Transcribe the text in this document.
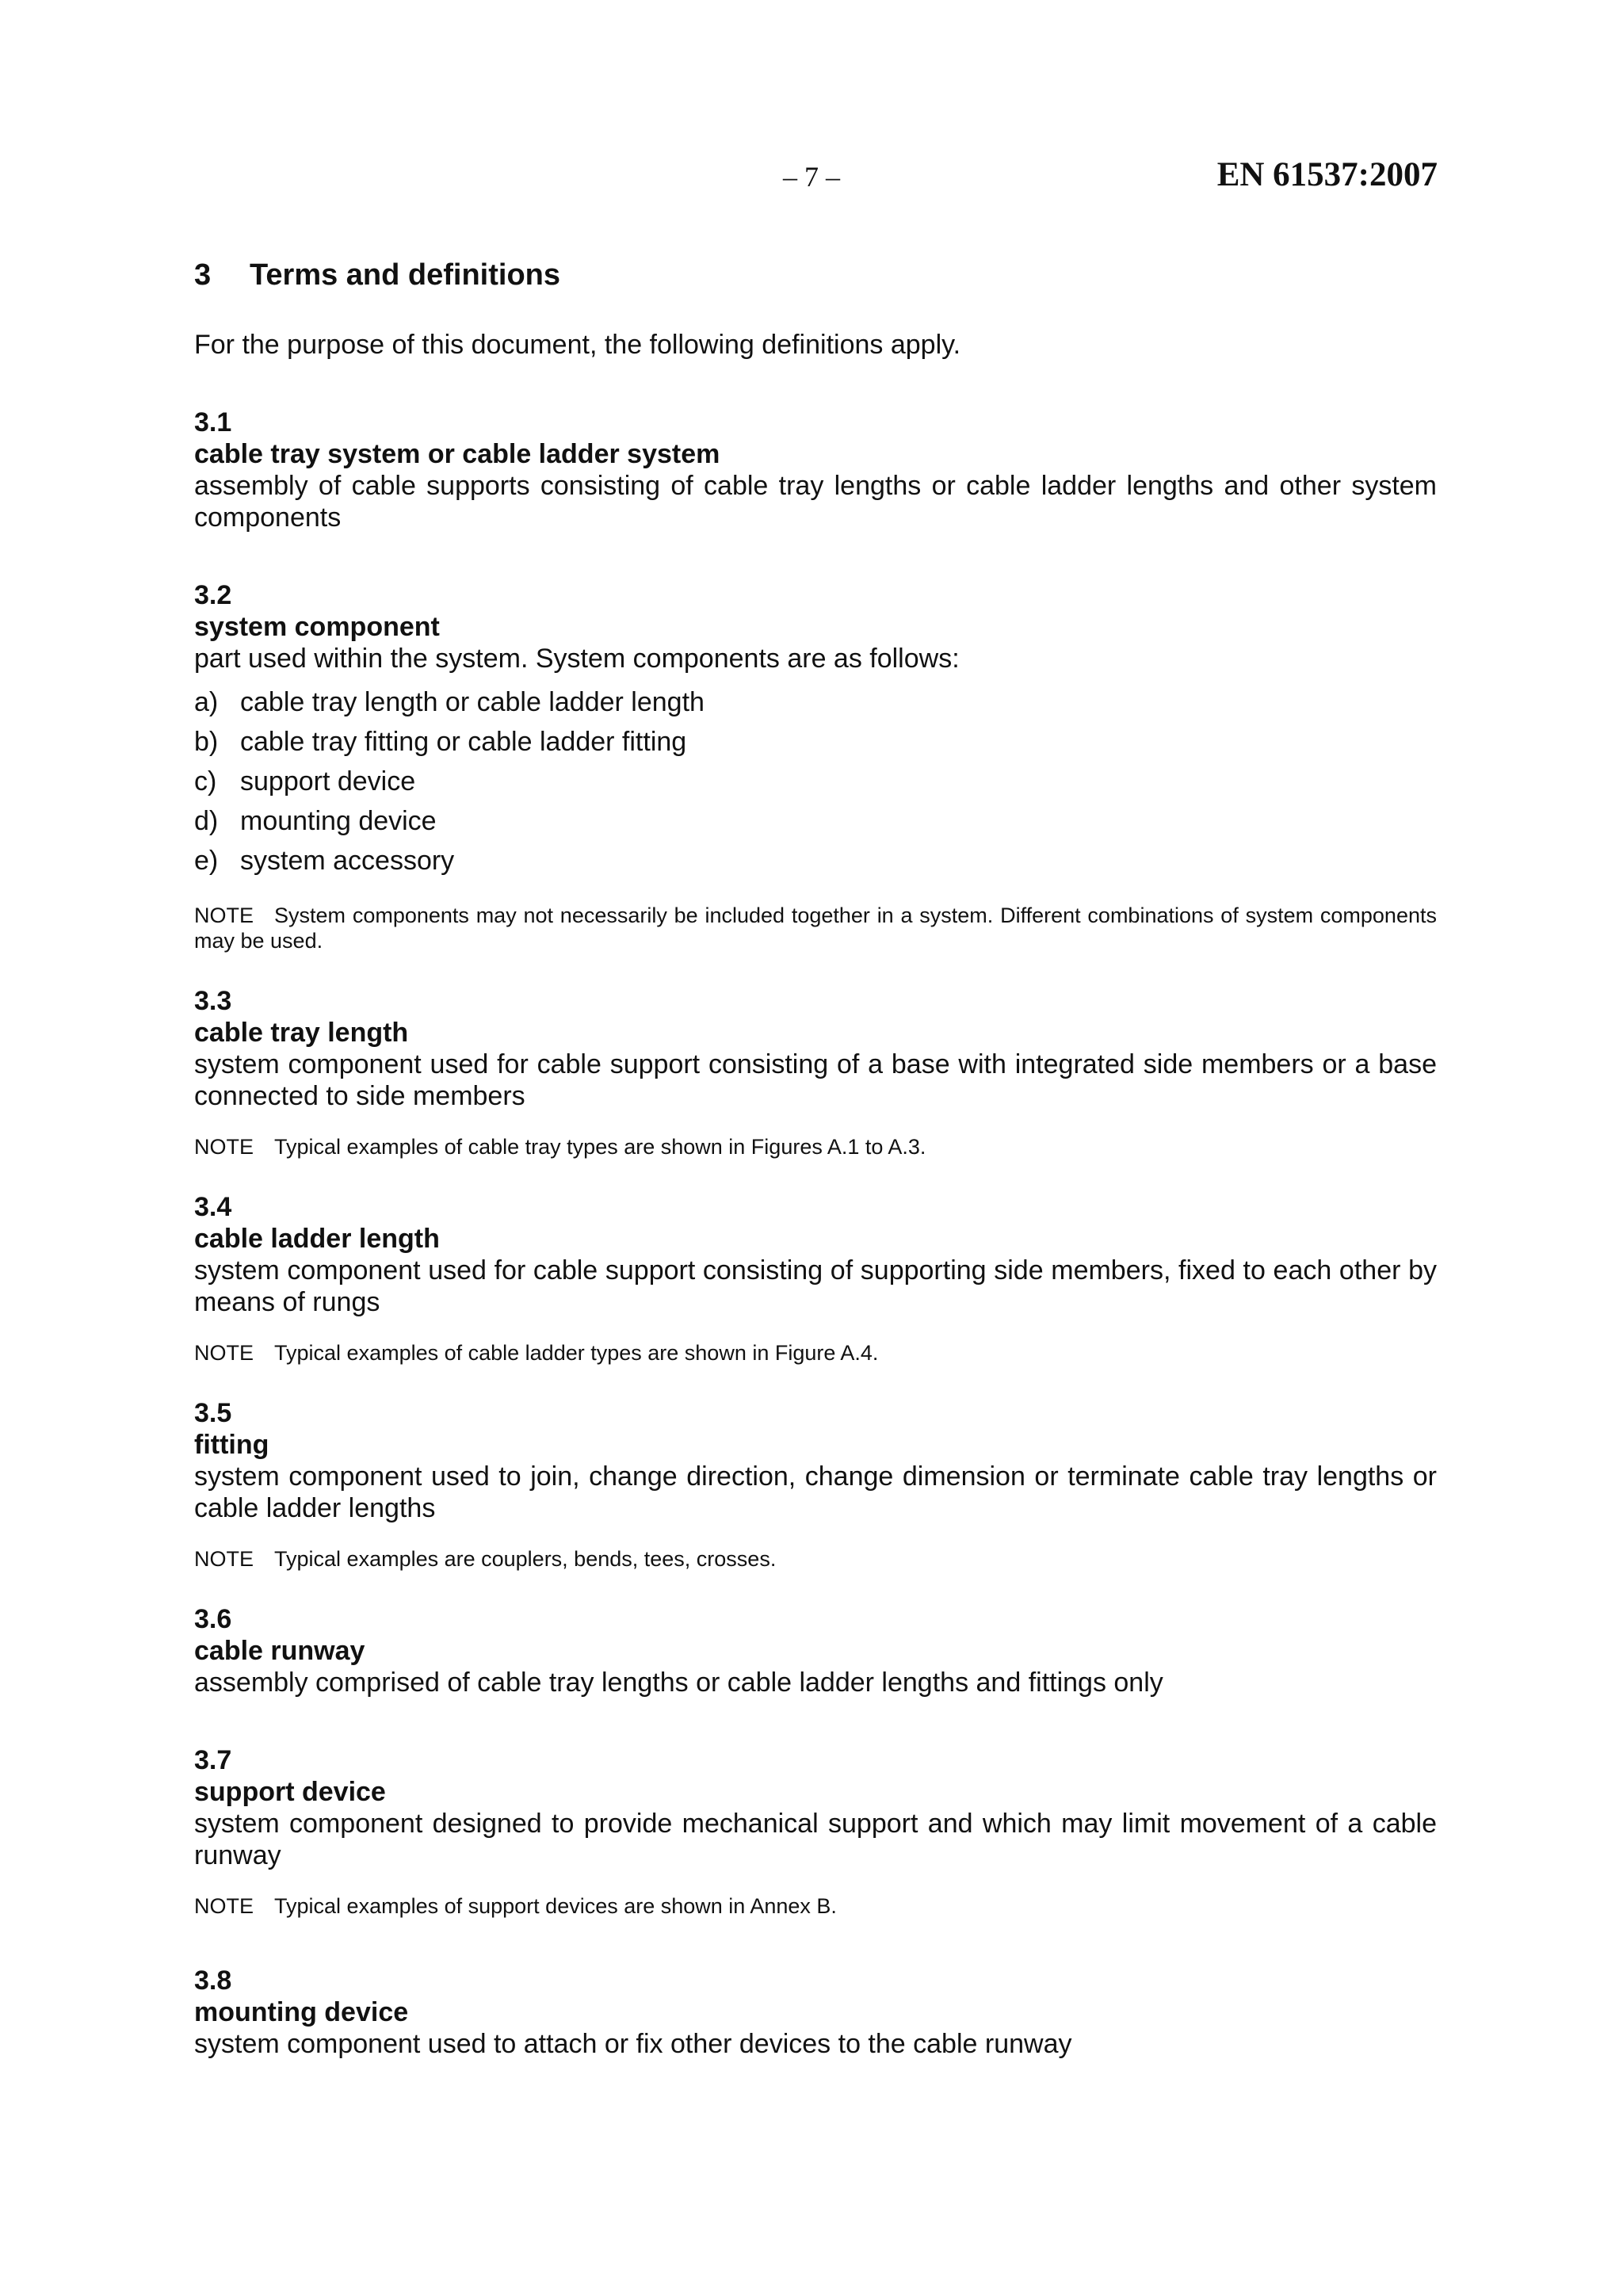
– 7 –	EN 61537:2007
3 Terms and definitions

For the purpose of this document, the following definitions apply.

3.1
cable tray system or cable ladder system

assembly of cable supports consisting of cable tray lengths or cable ladder lengths and other system components

3.2
system component

part used within the system. System components are as follows:

a) cable tray length or cable ladder length
b) cable tray fitting or cable ladder fitting
c) support device
d) mounting device
e) system accessory
NOTE System components may not necessarily be included together in a system. Different combinations of system components may be used.
3.3
cable tray length

system component used for cable support consisting of a base with integrated side members or a base connected to side members

NOTE Typical examples of cable tray types are shown in Figures A.1 to A.3.
3.4
cable ladder length

system component used for cable support consisting of supporting side members, fixed to each other by means of rungs

NOTE Typical examples of cable ladder types are shown in Figure A.4.
3.5
fitting

system component used to join, change direction, change dimension or terminate cable tray lengths or cable ladder lengths

NOTE Typical examples are couplers, bends, tees, crosses.
3.6
cable runway

assembly comprised of cable tray lengths or cable ladder lengths and fittings only

3.7
support device

system component designed to provide mechanical support and which may limit movement of a cable runway

NOTE Typical examples of support devices are shown in Annex B.
3.8
mounting device

system component used to attach or fix other devices to the cable runway
